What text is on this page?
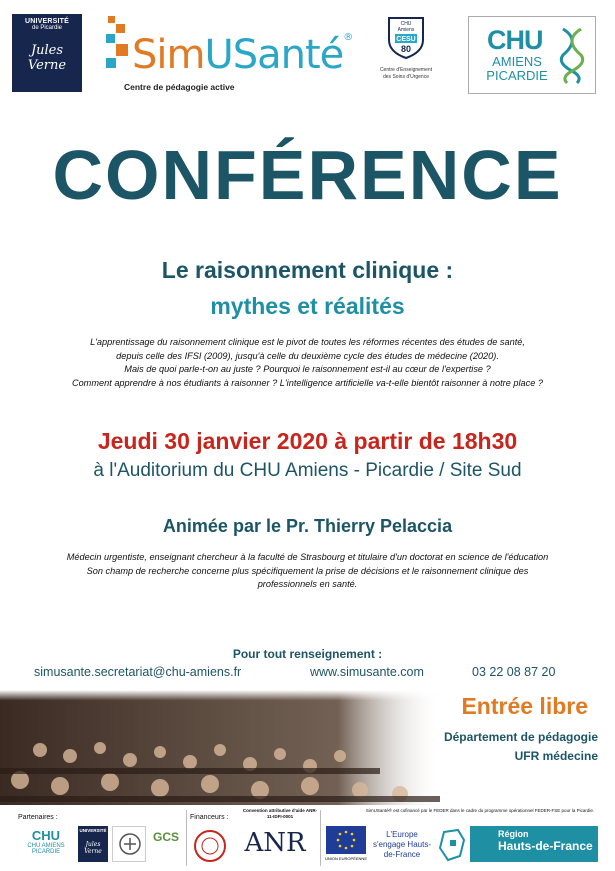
UNIVERSITÉ
de Picardie
Jules Verne	SimUSanté®
Centre de pédagogie active
CHU
Amiens
CESU
80
Centre d'Enseignement
des Soins d'Urgence
CHU
AMIENS
PICARDIE
CONFÉRENCE
Le raisonnement clinique :
mythes et réalités
L'apprentissage du raisonnement clinique est le pivot de toutes les réformes récentes des études de santé,
depuis celle des IFSI (2009), jusqu'à celle du deuxième cycle des études de médecine (2020).
Mais de quoi parle-t-on au juste ? Pourquoi le raisonnement est-il au cœur de l'expertise ?
Comment apprendre à nos étudiants à raisonner ? L'intelligence artificielle va-t-elle bientôt raisonner à notre place ?
Jeudi 30 janvier 2020 à partir de 18h30
à l'Auditorium du CHU Amiens - Picardie / Site Sud
Animée par le Pr. Thierry Pelaccia
Médecin urgentiste, enseignant chercheur à la faculté de Strasbourg et titulaire d'un doctorat en science de l'éducation
Son champ de recherche concerne plus spécifiquement la prise de décisions et le raisonnement clinique des
professionnels en santé.
Pour tout renseignement :
simusante.secretariat@chu-amiens.fr	www.simusante.com	03 22 08 87 20
Entrée libre
Département de pédagogie
UFR médecine
Partenaires :
CHU
CHU AMIENS PICARDIE
UNIVERSITÉ
Jules Verne
GCS
Financeurs :
Convention attributive d'aide ANR-11-IDFI-0001
ANR
SimUSanté® est cofinancé par le FEDER dans le cadre du programme opérationnel FEDER-FSE pour la Picardie.
UNION EUROPÉENNE
L'Europe s'engage Hauts-de-France
Région
Hauts-de-France
